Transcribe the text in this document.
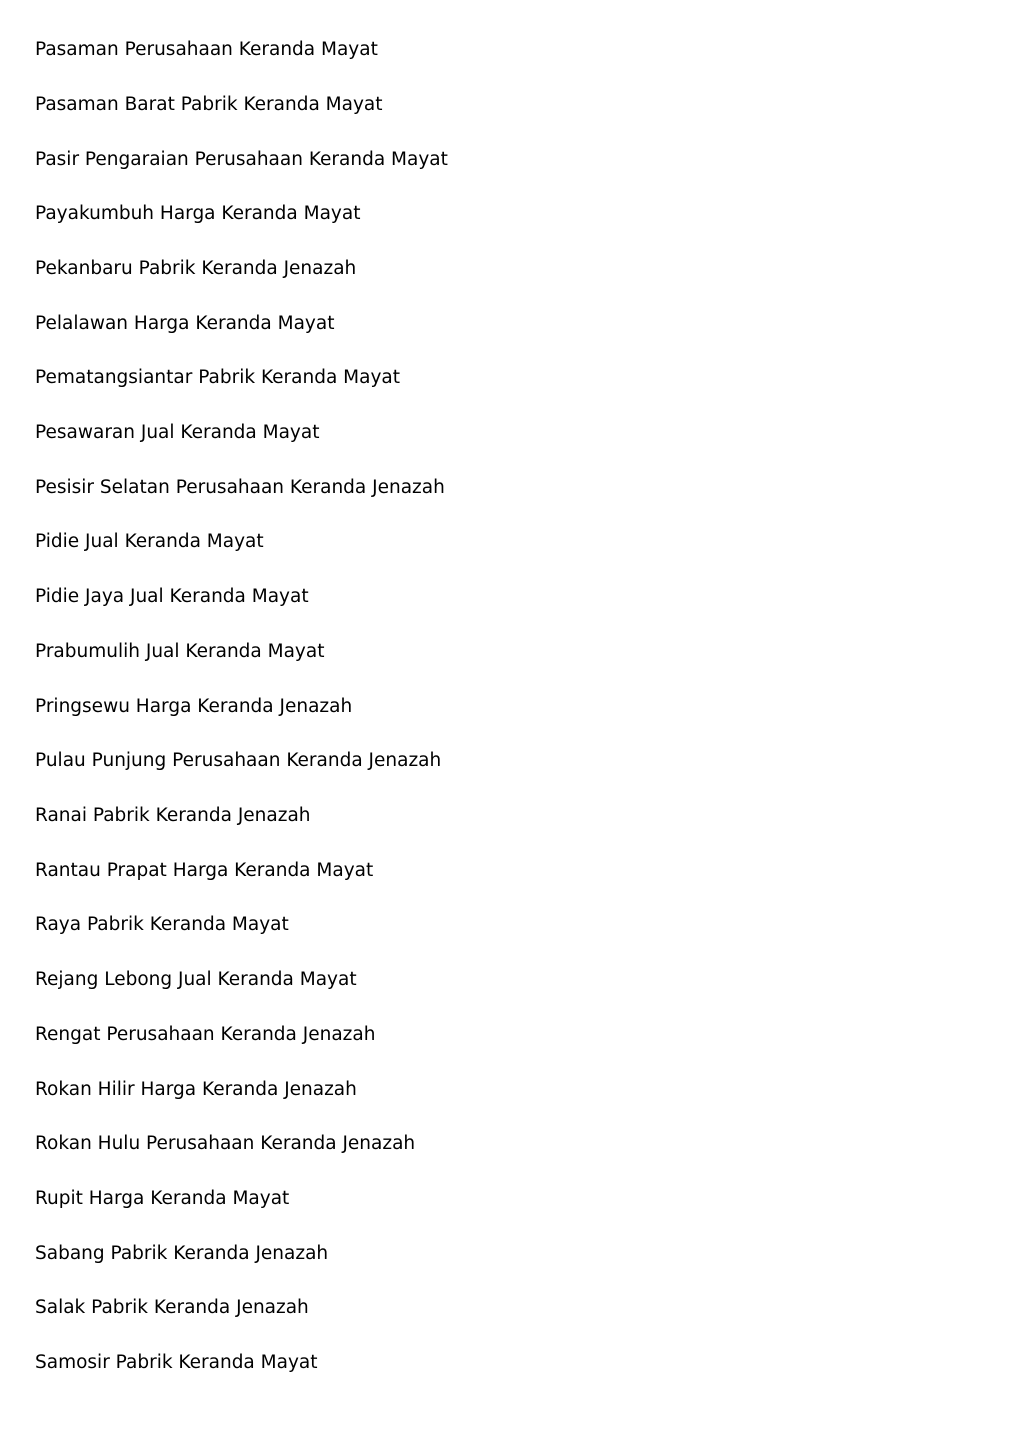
Pasaman Perusahaan Keranda Mayat
Pasaman Barat Pabrik Keranda Mayat
Pasir Pengaraian Perusahaan Keranda Mayat
Payakumbuh Harga Keranda Mayat
Pekanbaru Pabrik Keranda Jenazah
Pelalawan Harga Keranda Mayat
Pematangsiantar Pabrik Keranda Mayat
Pesawaran Jual Keranda Mayat
Pesisir Selatan Perusahaan Keranda Jenazah
Pidie Jual Keranda Mayat
Pidie Jaya Jual Keranda Mayat
Prabumulih Jual Keranda Mayat
Pringsewu Harga Keranda Jenazah
Pulau Punjung Perusahaan Keranda Jenazah
Ranai Pabrik Keranda Jenazah
Rantau Prapat Harga Keranda Mayat
Raya Pabrik Keranda Mayat
Rejang Lebong Jual Keranda Mayat
Rengat Perusahaan Keranda Jenazah
Rokan Hilir Harga Keranda Jenazah
Rokan Hulu Perusahaan Keranda Jenazah
Rupit Harga Keranda Mayat
Sabang Pabrik Keranda Jenazah
Salak Pabrik Keranda Jenazah
Samosir Pabrik Keranda Mayat
